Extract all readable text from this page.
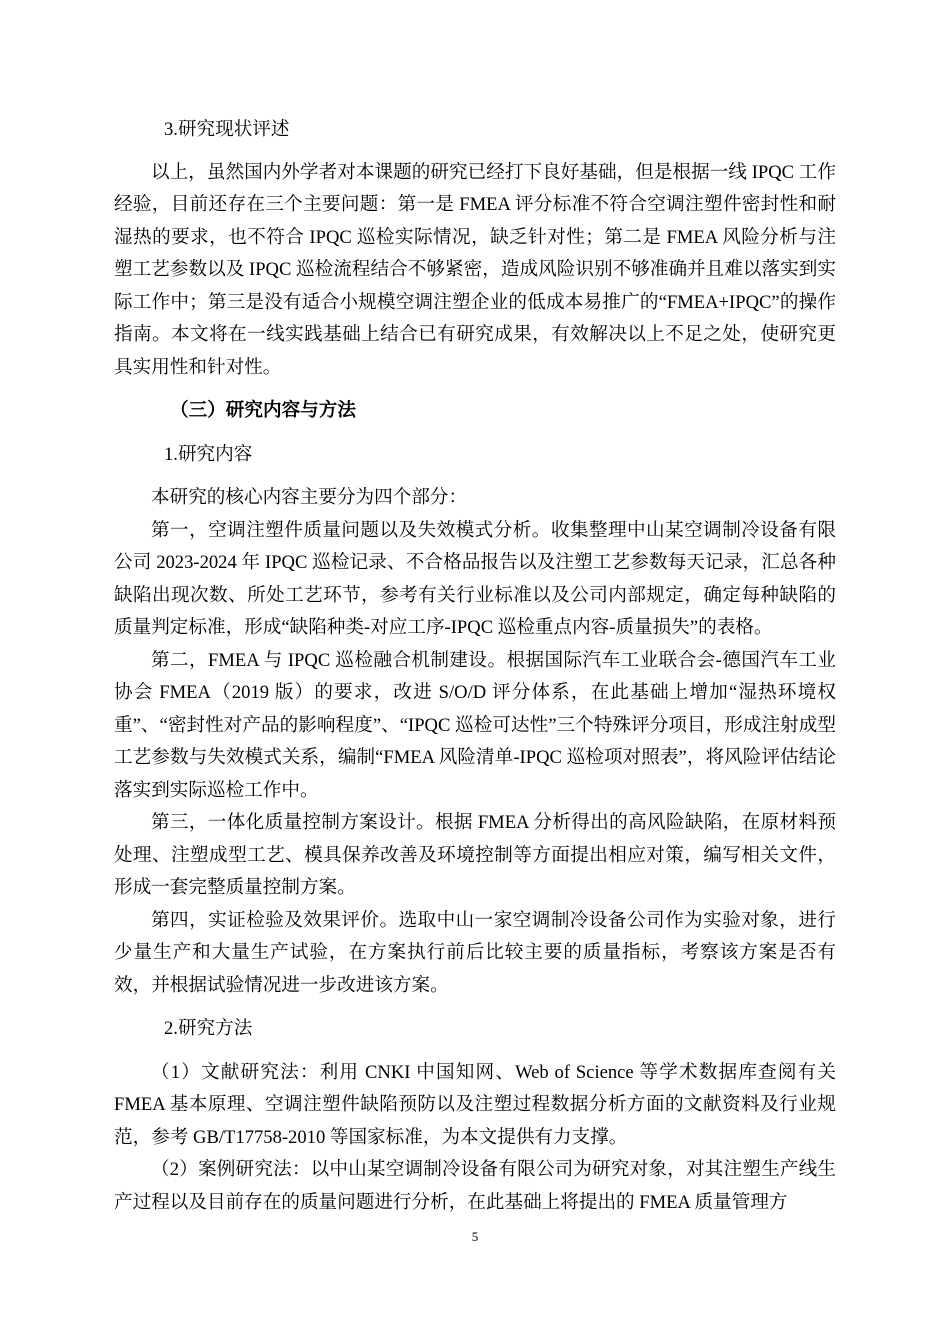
3.研究现状评述

以上，虽然国内外学者对本课题的研究已经打下良好基础，但是根据一线 IPQC 工作经验，目前还存在三个主要问题：第一是 FMEA 评分标准不符合空调注塑件密封性和耐湿热的要求，也不符合 IPQC 巡检实际情况，缺乏针对性；第二是 FMEA 风险分析与注塑工艺参数以及 IPQC 巡检流程结合不够紧密，造成风险识别不够准确并且难以落实到实际工作中；第三是没有适合小规模空调注塑企业的低成本易推广的“FMEA+IPQC”的操作指南。本文将在一线实践基础上结合已有研究成果，有效解决以上不足之处，使研究更具实用性和针对性。

（三）研究内容与方法

1.研究内容

本研究的核心内容主要分为四个部分：

第一，空调注塑件质量问题以及失效模式分析。收集整理中山某空调制冷设备有限公司 2023-2024 年 IPQC 巡检记录、不合格品报告以及注塑工艺参数每天记录，汇总各种缺陷出现次数、所处工艺环节，参考有关行业标准以及公司内部规定，确定每种缺陷的质量判定标准，形成“缺陷种类-对应工序-IPQC 巡检重点内容-质量损失”的表格。

第二，FMEA 与 IPQC 巡检融合机制建设。根据国际汽车工业联合会-德国汽车工业协会 FMEA（2019 版）的要求，改进 S/O/D 评分体系，在此基础上增加“湿热环境权重”、“密封性对产品的影响程度”、“IPQC 巡检可达性”三个特殊评分项目，形成注射成型工艺参数与失效模式关系，编制“FMEA 风险清单-IPQC 巡检项对照表”，将风险评估结论落实到实际巡检工作中。

第三，一体化质量控制方案设计。根据 FMEA 分析得出的高风险缺陷，在原材料预处理、注塑成型工艺、模具保养改善及环境控制等方面提出相应对策，编写相关文件，形成一套完整质量控制方案。

第四，实证检验及效果评价。选取中山一家空调制冷设备公司作为实验对象，进行少量生产和大量生产试验，在方案执行前后比较主要的质量指标，考察该方案是否有效，并根据试验情况进一步改进该方案。

2.研究方法

（1）文献研究法：利用 CNKI 中国知网、Web of Science 等学术数据库查阅有关 FMEA 基本原理、空调注塑件缺陷预防以及注塑过程数据分析方面的文献资料及行业规范，参考 GB/T17758-2010 等国家标准，为本文提供有力支撑。

（2）案例研究法：以中山某空调制冷设备有限公司为研究对象，对其注塑生产线生产过程以及目前存在的质量问题进行分析，在此基础上将提出的 FMEA 质量管理方

5
